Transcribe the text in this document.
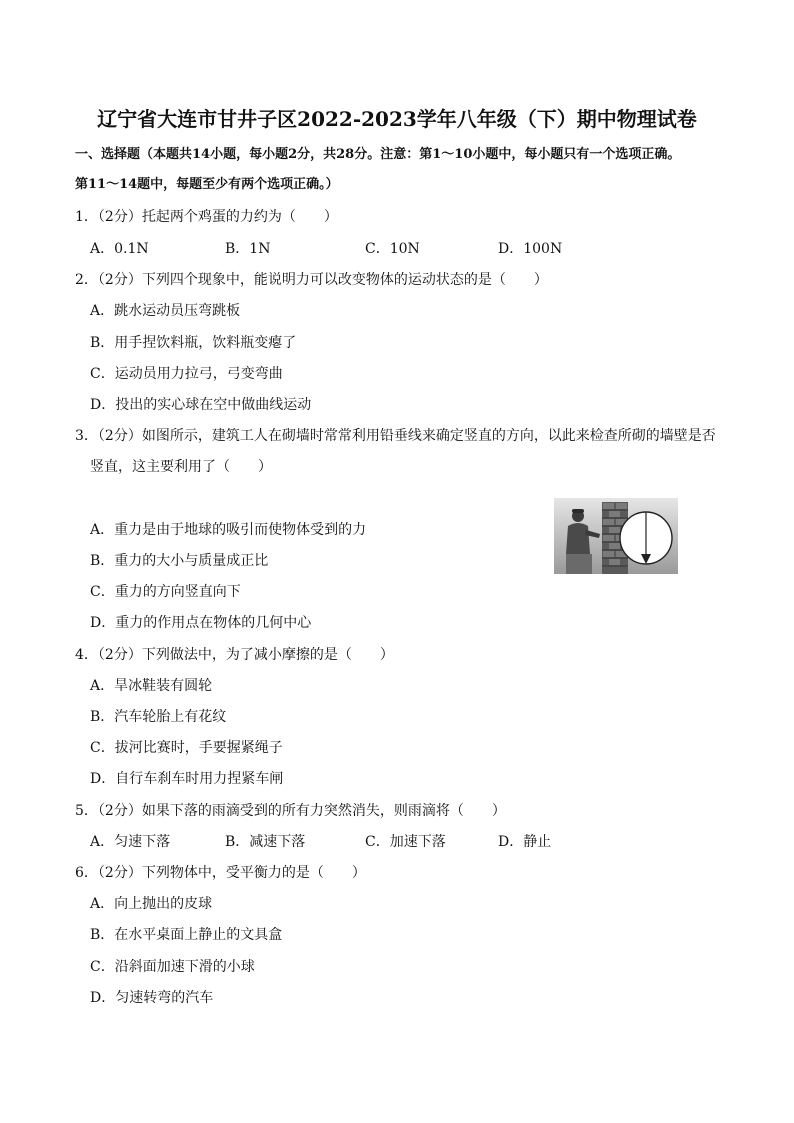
辽宁省大连市甘井子区2022-2023学年八年级（下）期中物理试卷
一、选择题（本题共14小题，每小题2分，共28分。注意：第1～10小题中，每小题只有一个选项正确。
第11～14题中，每题至少有两个选项正确。）
1．（2分）托起两个鸡蛋的力约为（　　）
A．0.1N	B．1N	C．10N	D．100N
2．（2分）下列四个现象中，能说明力可以改变物体的运动状态的是（　　）
A．跳水运动员压弯跳板
B．用手捏饮料瓶，饮料瓶变瘪了
C．运动员用力拉弓，弓变弯曲
D．投出的实心球在空中做曲线运动
3．（2分）如图所示，建筑工人在砌墙时常常利用铅垂线来确定竖直的方向，以此来检查所砌的墙壁是否
竖直，这主要利用了（　　）
A．重力是由于地球的吸引而使物体受到的力
B．重力的大小与质量成正比
C．重力的方向竖直向下
D．重力的作用点在物体的几何中心
4．（2分）下列做法中，为了减小摩擦的是（　　）
A．旱冰鞋装有圆轮
B．汽车轮胎上有花纹
C．拔河比赛时，手要握紧绳子
D．自行车刹车时用力捏紧车闸
5．（2分）如果下落的雨滴受到的所有力突然消失，则雨滴将（　　）
A．匀速下落	B．减速下落	C．加速下落	D．静止
6．（2分）下列物体中，受平衡力的是（　　）
A．向上抛出的皮球
B．在水平桌面上静止的文具盒
C．沿斜面加速下滑的小球
D．匀速转弯的汽车
